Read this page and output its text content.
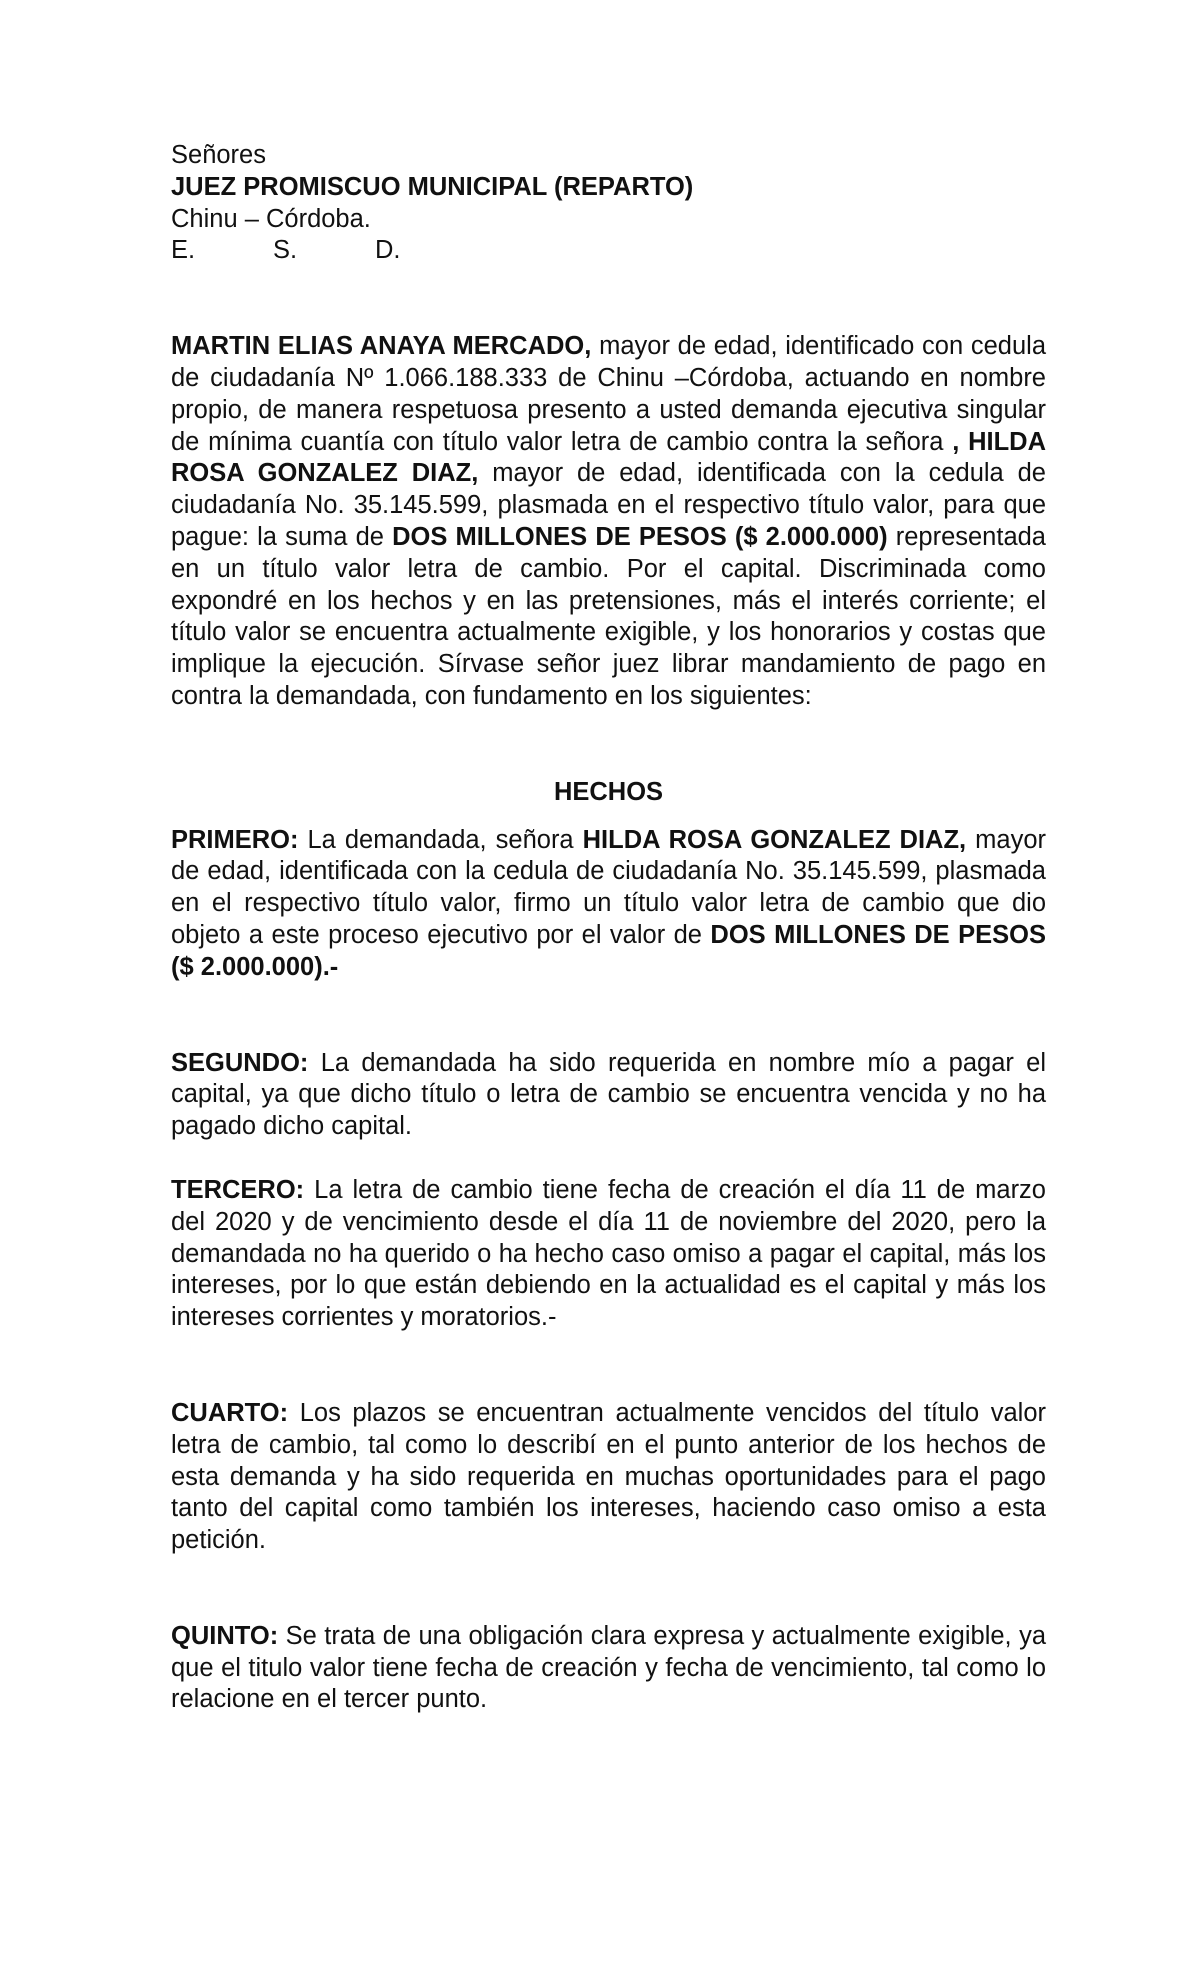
Señores

JUEZ PROMISCUO MUNICIPAL (REPARTO)

Chinu – Córdoba.

E.	S.	D.

MARTIN ELIAS ANAYA MERCADO, mayor de edad, identificado con cedula de ciudadanía Nº 1.066.188.333 de Chinu –Córdoba, actuando en nombre propio, de manera respetuosa presento a usted demanda ejecutiva singular de mínima cuantía con título valor letra de cambio contra la señora , HILDA ROSA GONZALEZ DIAZ, mayor de edad, identificada con la cedula de ciudadanía No. 35.145.599, plasmada en el respectivo título valor, para que pague: la suma de DOS MILLONES DE PESOS ($ 2.000.000) representada en un título valor letra de cambio. Por el capital. Discriminada como expondré en los hechos y en las pretensiones, más el interés corriente; el título valor se encuentra actualmente exigible, y los honorarios y costas que implique la ejecución. Sírvase señor juez librar mandamiento de pago en contra la demandada, con fundamento en los siguientes:

HECHOS

PRIMERO: La demandada, señora HILDA ROSA GONZALEZ DIAZ, mayor de edad, identificada con la cedula de ciudadanía No. 35.145.599, plasmada en el respectivo título valor, firmo un título valor letra de cambio que dio objeto a este proceso ejecutivo por el valor de DOS MILLONES DE PESOS ($ 2.000.000).-

SEGUNDO: La demandada ha sido requerida en nombre mío a pagar el capital, ya que dicho título o letra de cambio se encuentra vencida y no ha pagado dicho capital.

TERCERO: La letra de cambio tiene fecha de creación el día 11 de marzo del 2020 y de vencimiento desde el día 11 de noviembre del 2020, pero la demandada no ha querido o ha hecho caso omiso a pagar el capital, más los intereses, por lo que están debiendo en la actualidad es el capital y más los intereses corrientes y moratorios.-

CUARTO: Los plazos se encuentran actualmente vencidos del título valor letra de cambio, tal como lo describí en el punto anterior de los hechos de esta demanda y ha sido requerida en muchas oportunidades para el pago tanto del capital como también los intereses, haciendo caso omiso a esta petición.

QUINTO: Se trata de una obligación clara expresa y actualmente exigible, ya que el titulo valor tiene fecha de creación y fecha de vencimiento, tal como lo relacione en el tercer punto.
